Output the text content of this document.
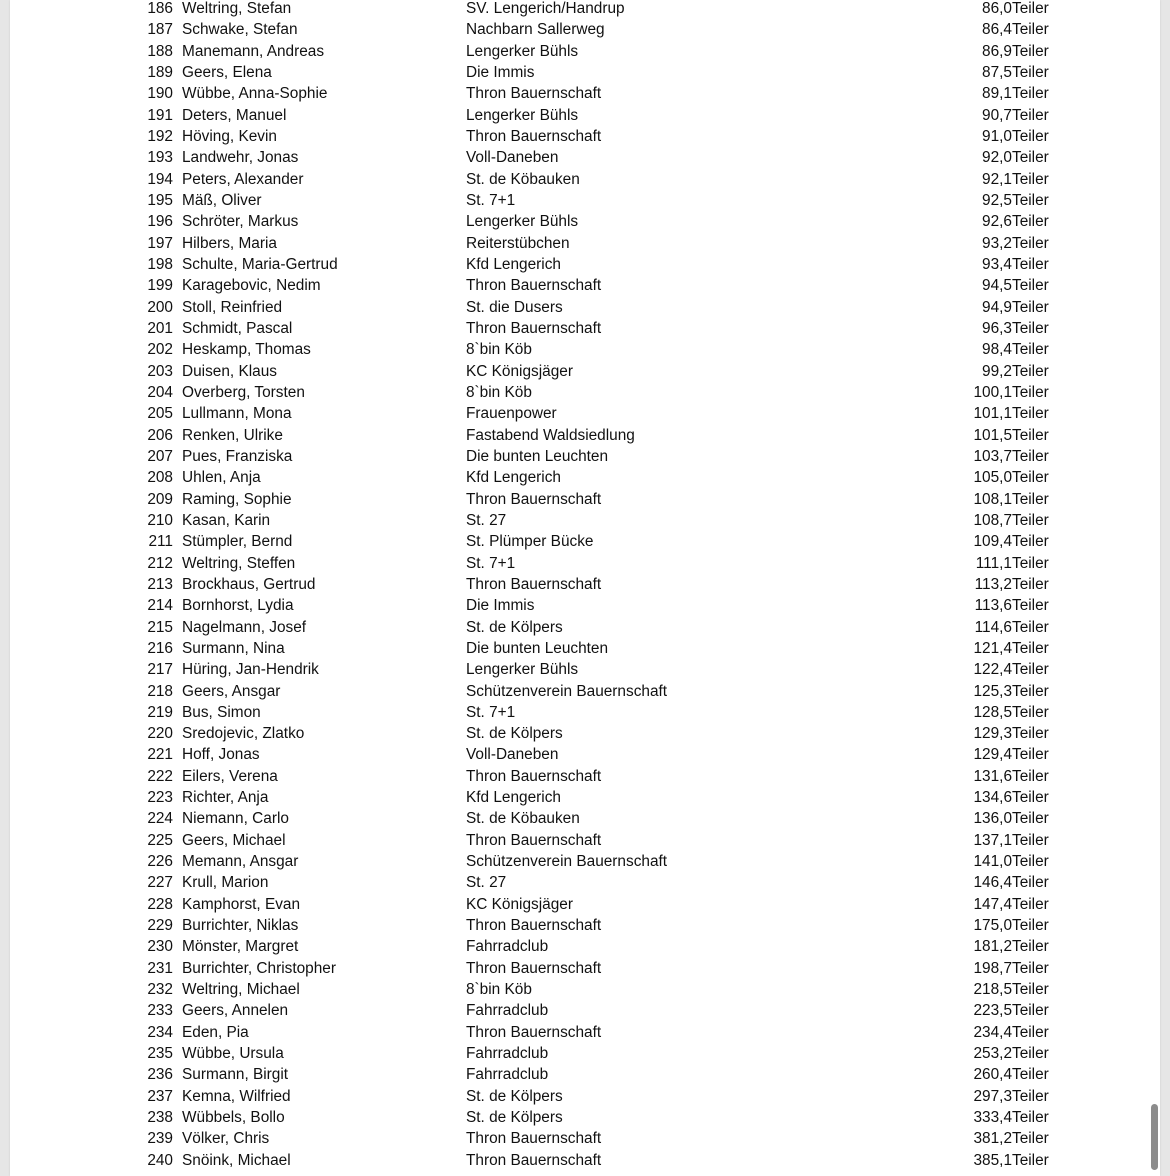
186 Weltring, Stefan	SV. Lengerich/Handrup	86,0 Teiler
187 Schwake, Stefan	Nachbarn Sallerweg	86,4 Teiler
188 Manemann, Andreas	Lengerker Bühls	86,9 Teiler
189 Geers, Elena	Die Immis	87,5 Teiler
190 Wübbe, Anna-Sophie	Thron Bauernschaft	89,1 Teiler
191 Deters, Manuel	Lengerker Bühls	90,7 Teiler
192 Höving, Kevin	Thron Bauernschaft	91,0 Teiler
193 Landwehr, Jonas	Voll-Daneben	92,0 Teiler
194 Peters, Alexander	St. de Köbauken	92,1 Teiler
195 Mäß, Oliver	St. 7+1	92,5 Teiler
196 Schröter, Markus	Lengerker Bühls	92,6 Teiler
197 Hilbers, Maria	Reiterstübchen	93,2 Teiler
198 Schulte, Maria-Gertrud	Kfd Lengerich	93,4 Teiler
199 Karagebovic, Nedim	Thron Bauernschaft	94,5 Teiler
200 Stoll, Reinfried	St. die Dusers	94,9 Teiler
201 Schmidt, Pascal	Thron Bauernschaft	96,3 Teiler
202 Heskamp, Thomas	8`bin Köb	98,4 Teiler
203 Duisen, Klaus	KC Königsjäger	99,2 Teiler
204 Overberg, Torsten	8`bin Köb	100,1 Teiler
205 Lullmann, Mona	Frauenpower	101,1 Teiler
206 Renken, Ulrike	Fastabend Waldsiedlung	101,5 Teiler
207 Pues, Franziska	Die bunten Leuchten	103,7 Teiler
208 Uhlen, Anja	Kfd Lengerich	105,0 Teiler
209 Raming, Sophie	Thron Bauernschaft	108,1 Teiler
210 Kasan, Karin	St. 27	108,7 Teiler
211 Stümpler, Bernd	St. Plümper Bücke	109,4 Teiler
212 Weltring, Steffen	St. 7+1	111,1 Teiler
213 Brockhaus, Gertrud	Thron Bauernschaft	113,2 Teiler
214 Bornhorst, Lydia	Die Immis	113,6 Teiler
215 Nagelmann, Josef	St. de Kölpers	114,6 Teiler
216 Surmann, Nina	Die bunten Leuchten	121,4 Teiler
217 Hüring, Jan-Hendrik	Lengerker Bühls	122,4 Teiler
218 Geers, Ansgar	Schützenverein Bauernschaft	125,3 Teiler
219 Bus, Simon	St. 7+1	128,5 Teiler
220 Sredojevic, Zlatko	St. de Kölpers	129,3 Teiler
221 Hoff, Jonas	Voll-Daneben	129,4 Teiler
222 Eilers, Verena	Thron Bauernschaft	131,6 Teiler
223 Richter, Anja	Kfd Lengerich	134,6 Teiler
224 Niemann, Carlo	St. de Köbauken	136,0 Teiler
225 Geers, Michael	Thron Bauernschaft	137,1 Teiler
226 Memann, Ansgar	Schützenverein Bauernschaft	141,0 Teiler
227 Krull, Marion	St. 27	146,4 Teiler
228 Kamphorst, Evan	KC Königsjäger	147,4 Teiler
229 Burrichter, Niklas	Thron Bauernschaft	175,0 Teiler
230 Mönster, Margret	Fahrradclub	181,2 Teiler
231 Burrichter, Christopher	Thron Bauernschaft	198,7 Teiler
232 Weltring, Michael	8`bin Köb	218,5 Teiler
233 Geers, Annelen	Fahrradclub	223,5 Teiler
234 Eden, Pia	Thron Bauernschaft	234,4 Teiler
235 Wübbe, Ursula	Fahrradclub	253,2 Teiler
236 Surmann, Birgit	Fahrradclub	260,4 Teiler
237 Kemna, Wilfried	St. de Kölpers	297,3 Teiler
238 Wübbels, Bollo	St. de Kölpers	333,4 Teiler
239 Völker, Chris	Thron Bauernschaft	381,2 Teiler
240 Snöink, Michael	Thron Bauernschaft	385,1 Teiler
